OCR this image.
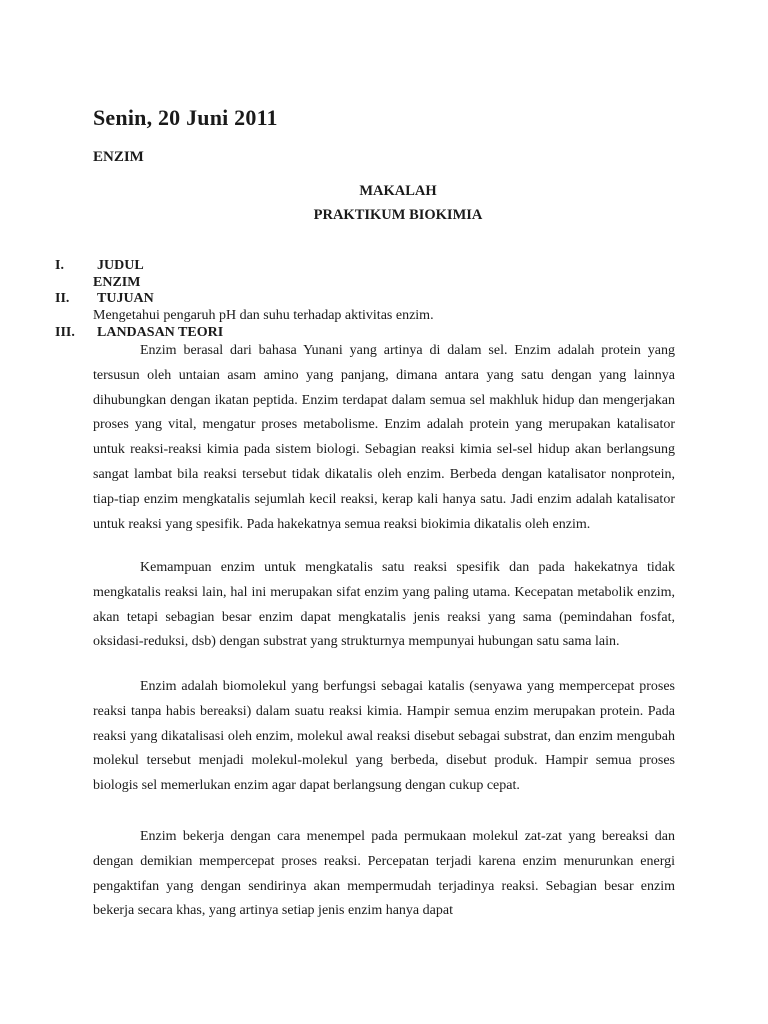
Senin, 20 Juni 2011
ENZIM
MAKALAH
PRAKTIKUM BIOKIMIA
I. JUDUL
ENZIM
II. TUJUAN
Mengetahui pengaruh pH dan suhu terhadap aktivitas enzim.
III. LANDASAN TEORI

Enzim berasal dari bahasa Yunani yang artinya di dalam sel. Enzim adalah protein yang tersusun oleh untaian asam amino yang panjang, dimana antara yang satu dengan yang lainnya dihubungkan dengan ikatan peptida. Enzim terdapat dalam semua sel makhluk hidup dan mengerjakan proses yang vital, mengatur proses metabolisme. Enzim adalah protein yang merupakan katalisator untuk reaksi-reaksi kimia pada sistem biologi. Sebagian reaksi kimia sel-sel hidup akan berlangsung sangat lambat bila reaksi tersebut tidak dikatalis oleh enzim. Berbeda dengan katalisator nonprotein, tiap-tiap enzim mengkatalis sejumlah kecil reaksi, kerap kali hanya satu. Jadi enzim adalah katalisator untuk reaksi yang spesifik. Pada hakekatnya semua reaksi biokimia dikatalis oleh enzim.

Kemampuan enzim untuk mengkatalis satu reaksi spesifik dan pada hakekatnya tidak mengkatalis reaksi lain, hal ini merupakan sifat enzim yang paling utama. Kecepatan metabolik enzim, akan tetapi sebagian besar enzim dapat mengkatalis jenis reaksi yang sama (pemindahan fosfat, oksidasi-reduksi, dsb) dengan substrat yang strukturnya mempunyai hubungan satu sama lain.

Enzim adalah biomolekul yang berfungsi sebagai katalis (senyawa yang mempercepat proses reaksi tanpa habis bereaksi) dalam suatu reaksi kimia. Hampir semua enzim merupakan protein. Pada reaksi yang dikatalisasi oleh enzim, molekul awal reaksi disebut sebagai substrat, dan enzim mengubah molekul tersebut menjadi molekul-molekul yang berbeda, disebut produk. Hampir semua proses biologis sel memerlukan enzim agar dapat berlangsung dengan cukup cepat.

Enzim bekerja dengan cara menempel pada permukaan molekul zat-zat yang bereaksi dan dengan demikian mempercepat proses reaksi. Percepatan terjadi karena enzim menurunkan energi pengaktifan yang dengan sendirinya akan mempermudah terjadinya reaksi. Sebagian besar enzim bekerja secara khas, yang artinya setiap jenis enzim hanya dapat
